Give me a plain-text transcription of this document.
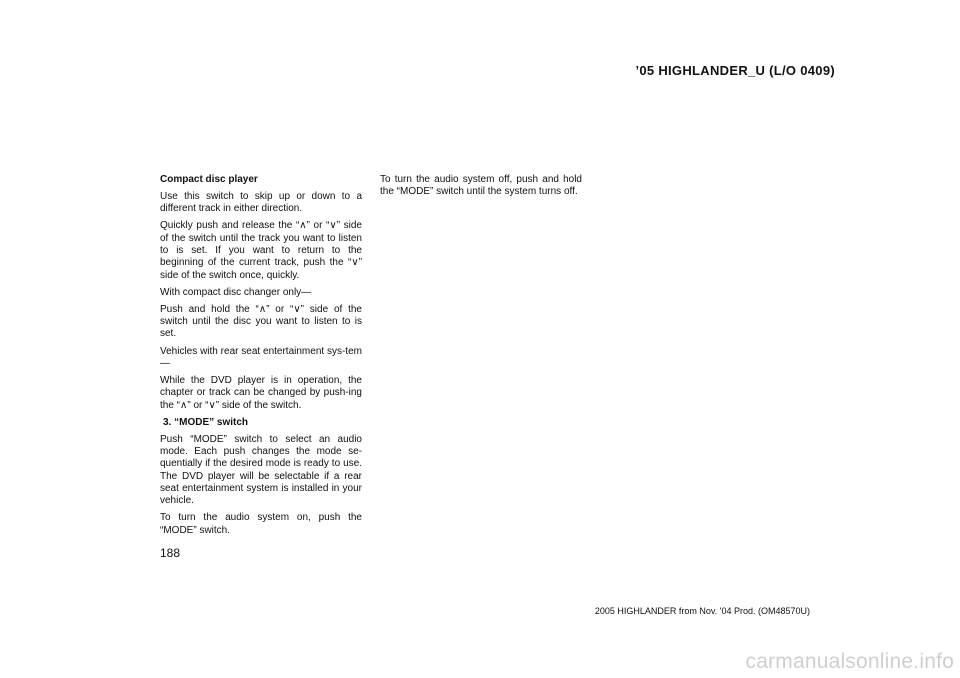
’05 HIGHLANDER_U (L/O 0409)

Compact disc player

Use this switch to skip up or down to a different track in either direction.

Quickly push and release the “∧” or “∨” side of the switch until the track you want to listen to is set. If you want to return to the beginning of the current track, push the “∨” side of the switch once, quickly.

With compact disc changer only—

Push and hold the “∧” or “∨” side of the switch until the disc you want to listen to is set.

Vehicles with rear seat entertainment sys-tem—

While the DVD player is in operation, the chapter or track can be changed by push-ing the “∧” or “∨” side of the switch.

3. “MODE” switch

Push “MODE” switch to select an audio mode. Each push changes the mode se-quentially if the desired mode is ready to use. The DVD player will be selectable if a rear seat entertainment system is installed in your vehicle.

To turn the audio system on, push the “MODE” switch.

To turn the audio system off, push and hold the “MODE” switch until the system turns off.

188
2005 HIGHLANDER from Nov. '04 Prod. (OM48570U)
carmanualsonline.info
